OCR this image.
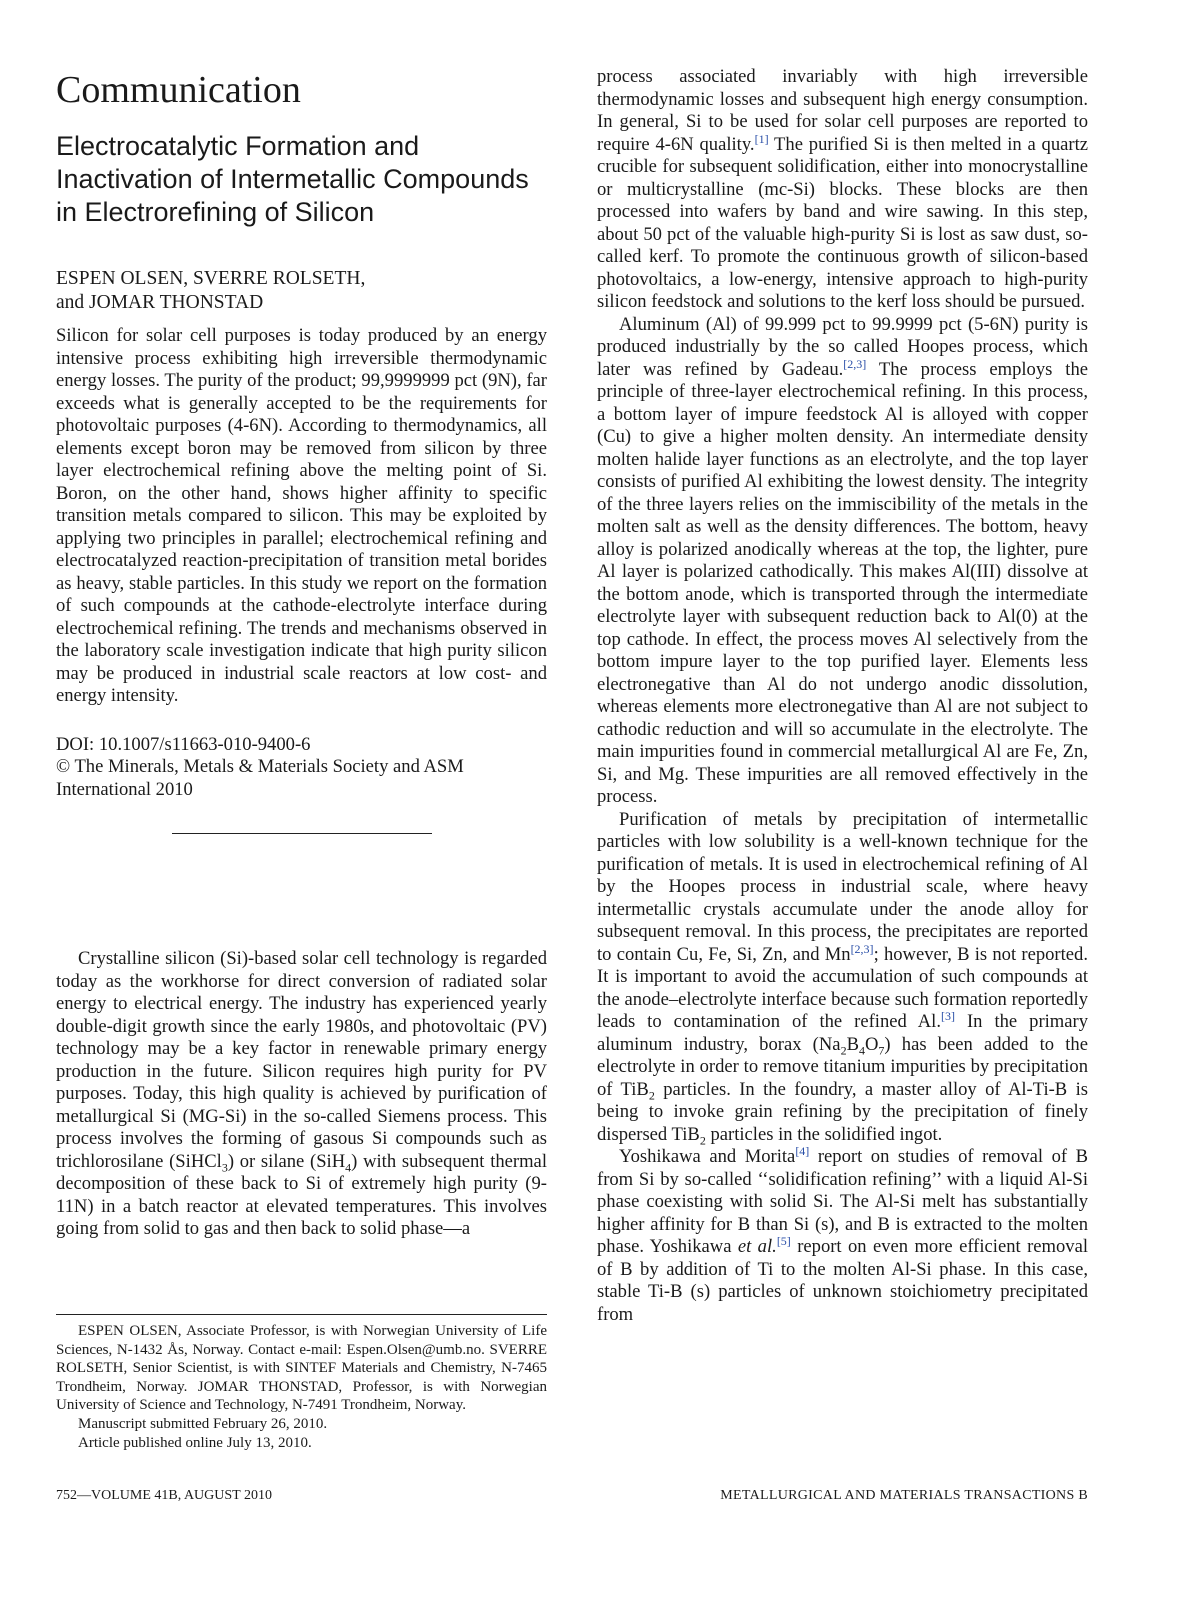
Communication
Electrocatalytic Formation and Inactivation of Intermetallic Compounds in Electrorefining of Silicon
ESPEN OLSEN, SVERRE ROLSETH,
and JOMAR THONSTAD

Silicon for solar cell purposes is today produced by an energy intensive process exhibiting high irreversible thermodynamic energy losses. The purity of the product; 99,9999999 pct (9N), far exceeds what is generally accepted to be the requirements for photovoltaic purposes (4-6N). According to thermodynamics, all elements except boron may be removed from silicon by three layer electrochemical refining above the melting point of Si. Boron, on the other hand, shows higher affinity to specific transition metals compared to silicon. This may be exploited by applying two principles in parallel; electrochemical refining and electrocatalyzed reaction-precipitation of transition metal borides as heavy, stable particles. In this study we report on the formation of such compounds at the cathode-electrolyte interface during electrochemical refining. The trends and mechanisms observed in the laboratory scale investigation indicate that high purity silicon may be produced in industrial scale reactors at low cost- and energy intensity.

DOI: 10.1007/s11663-010-9400-6

© The Minerals, Metals & Materials Society and ASM International 2010

Crystalline silicon (Si)-based solar cell technology is regarded today as the workhorse for direct conversion of radiated solar energy to electrical energy. The industry has experienced yearly double-digit growth since the early 1980s, and photovoltaic (PV) technology may be a key factor in renewable primary energy production in the future. Silicon requires high purity for PV purposes. Today, this high quality is achieved by purification of metallurgical Si (MG-Si) in the so-called Siemens process. This process involves the forming of gasous Si compounds such as trichlorosilane (SiHCl$_3$) or silane (SiH$_4$) with subsequent thermal decomposition of these back to Si of extremely high purity (9-11N) in a batch reactor at elevated temperatures. This involves going from solid to gas and then back to solid phase—a

ESPEN OLSEN, Associate Professor, is with Norwegian University of Life Sciences, N-1432 Ås, Norway. Contact e-mail: Espen.Olsen@umb.no. SVERRE ROLSETH, Senior Scientist, is with SINTEF Materials and Chemistry, N-7465 Trondheim, Norway. JOMAR THONSTAD, Professor, is with Norwegian University of Science and Technology, N-7491 Trondheim, Norway.

Manuscript submitted February 26, 2010.

Article published online July 13, 2010.

process associated invariably with high irreversible thermodynamic losses and subsequent high energy consumption. In general, Si to be used for solar cell purposes are reported to require 4-6N quality.[1] The purified Si is then melted in a quartz crucible for subsequent solidification, either into monocrystalline or multicrystalline (mc-Si) blocks. These blocks are then processed into wafers by band and wire sawing. In this step, about 50 pct of the valuable high-purity Si is lost as saw dust, so-called kerf. To promote the continuous growth of silicon-based photovoltaics, a low-energy, intensive approach to high-purity silicon feedstock and solutions to the kerf loss should be pursued.

Aluminum (Al) of 99.999 pct to 99.9999 pct (5-6N) purity is produced industrially by the so called Hoopes process, which later was refined by Gadeau.[2,3] The process employs the principle of three-layer electrochemical refining. In this process, a bottom layer of impure feedstock Al is alloyed with copper (Cu) to give a higher molten density. An intermediate density molten halide layer functions as an electrolyte, and the top layer consists of purified Al exhibiting the lowest density. The integrity of the three layers relies on the immiscibility of the metals in the molten salt as well as the density differences. The bottom, heavy alloy is polarized anodically whereas at the top, the lighter, pure Al layer is polarized cathodically. This makes Al(III) dissolve at the bottom anode, which is transported through the intermediate electrolyte layer with subsequent reduction back to Al(0) at the top cathode. In effect, the process moves Al selectively from the bottom impure layer to the top purified layer. Elements less electronegative than Al do not undergo anodic dissolution, whereas elements more electronegative than Al are not subject to cathodic reduction and will so accumulate in the electrolyte. The main impurities found in commercial metallurgical Al are Fe, Zn, Si, and Mg. These impurities are all removed effectively in the process.

Purification of metals by precipitation of intermetallic particles with low solubility is a well-known technique for the purification of metals. It is used in electrochemical refining of Al by the Hoopes process in industrial scale, where heavy intermetallic crystals accumulate under the anode alloy for subsequent removal. In this process, the precipitates are reported to contain Cu, Fe, Si, Zn, and Mn[2,3]; however, B is not reported. It is important to avoid the accumulation of such compounds at the anode–electrolyte interface because such formation reportedly leads to contamination of the refined Al.[3] In the primary aluminum industry, borax $(Na_2B_4O_7)$ has been added to the electrolyte in order to remove titanium impurities by precipitation of TiB$_2$ particles. In the foundry, a master alloy of Al-Ti-B is being to invoke grain refining by the precipitation of finely dispersed TiB$_2$ particles in the solidified ingot.

Yoshikawa and Morita[4] report on studies of removal of B from Si by so-called ‘‘solidification refining’’ with a liquid Al-Si phase coexisting with solid Si. The Al-Si melt has substantially higher affinity for B than Si (s), and B is extracted to the molten phase. Yoshikawa et al.[5] report on even more efficient removal of B by addition of Ti to the molten Al-Si phase. In this case, stable Ti-B (s) particles of unknown stoichiometry precipitated from

752—VOLUME 41B, AUGUST 2010	METALLURGICAL AND MATERIALS TRANSACTIONS B
